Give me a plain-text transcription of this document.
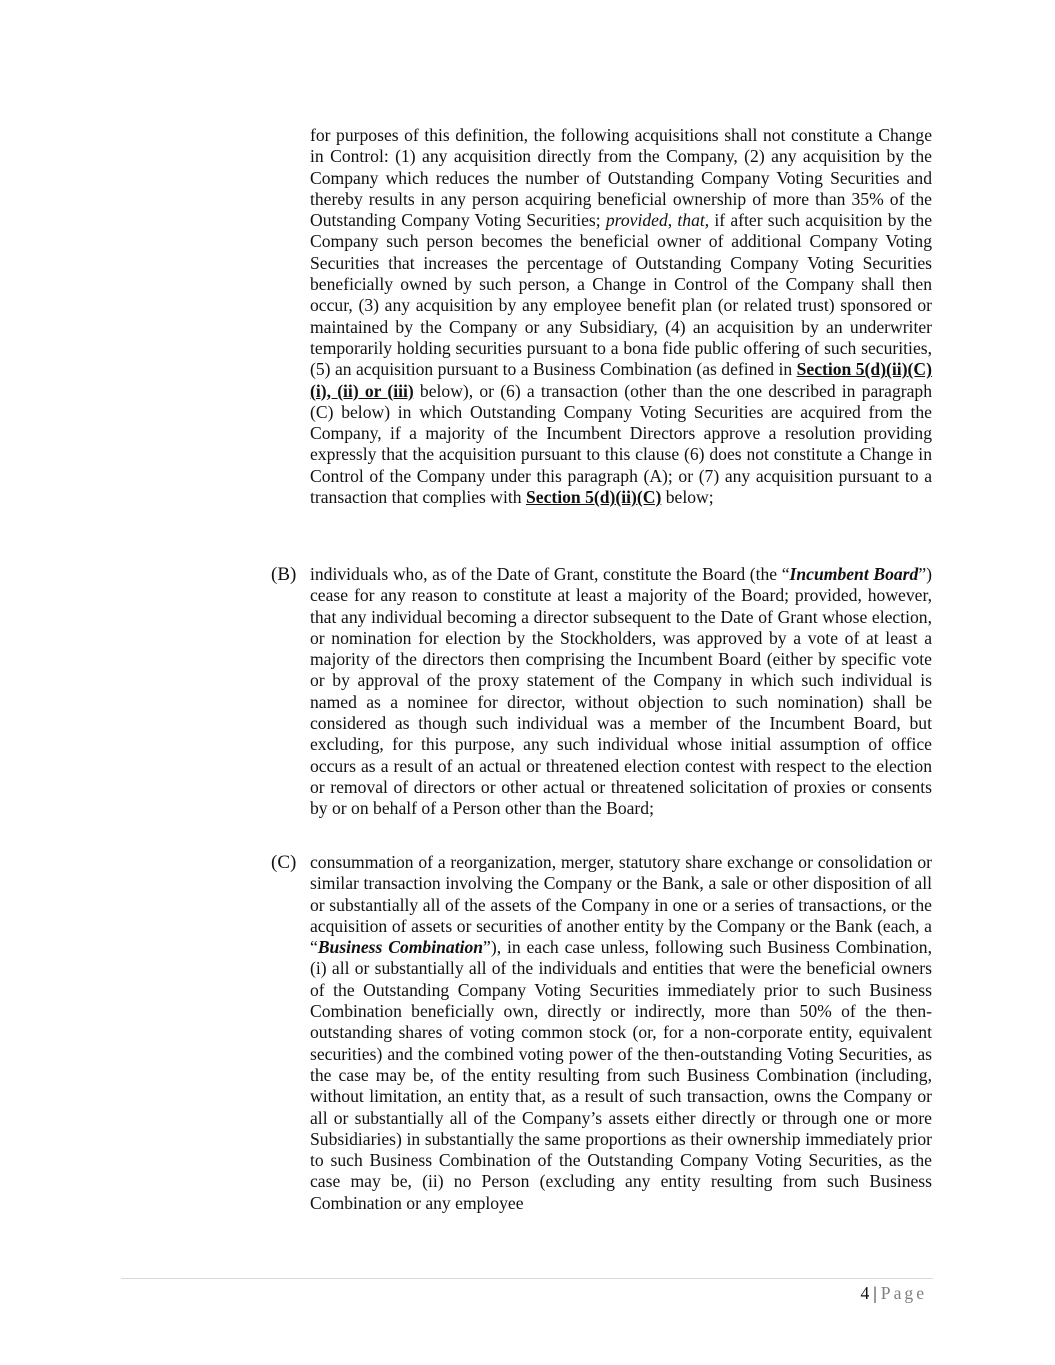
for purposes of this definition, the following acquisitions shall not constitute a Change in Control: (1) any acquisition directly from the Company, (2) any acquisition by the Company which reduces the number of Outstanding Company Voting Securities and thereby results in any person acquiring beneficial ownership of more than 35% of the Outstanding Company Voting Securities; provided, that, if after such acquisition by the Company such person becomes the beneficial owner of additional Company Voting Securities that increases the percentage of Outstanding Company Voting Securities beneficially owned by such person, a Change in Control of the Company shall then occur, (3) any acquisition by any employee benefit plan (or related trust) sponsored or maintained by the Company or any Subsidiary, (4) an acquisition by an underwriter temporarily holding securities pursuant to a bona fide public offering of such securities, (5) an acquisition pursuant to a Business Combination (as defined in Section 5(d)(ii)(C)(i), (ii) or (iii) below), or (6) a transaction (other than the one described in paragraph (C) below) in which Outstanding Company Voting Securities are acquired from the Company, if a majority of the Incumbent Directors approve a resolution providing expressly that the acquisition pursuant to this clause (6) does not constitute a Change in Control of the Company under this paragraph (A); or (7) any acquisition pursuant to a transaction that complies with Section 5(d)(ii)(C) below;
(B) individuals who, as of the Date of Grant, constitute the Board (the “Incumbent Board”) cease for any reason to constitute at least a majority of the Board; provided, however, that any individual becoming a director subsequent to the Date of Grant whose election, or nomination for election by the Stockholders, was approved by a vote of at least a majority of the directors then comprising the Incumbent Board (either by specific vote or by approval of the proxy statement of the Company in which such individual is named as a nominee for director, without objection to such nomination) shall be considered as though such individual was a member of the Incumbent Board, but excluding, for this purpose, any such individual whose initial assumption of office occurs as a result of an actual or threatened election contest with respect to the election or removal of directors or other actual or threatened solicitation of proxies or consents by or on behalf of a Person other than the Board;
(C) consummation of a reorganization, merger, statutory share exchange or consolidation or similar transaction involving the Company or the Bank, a sale or other disposition of all or substantially all of the assets of the Company in one or a series of transactions, or the acquisition of assets or securities of another entity by the Company or the Bank (each, a “Business Combination”), in each case unless, following such Business Combination, (i) all or substantially all of the individuals and entities that were the beneficial owners of the Outstanding Company Voting Securities immediately prior to such Business Combination beneficially own, directly or indirectly, more than 50% of the then-outstanding shares of voting common stock (or, for a non-corporate entity, equivalent securities) and the combined voting power of the then-outstanding Voting Securities, as the case may be, of the entity resulting from such Business Combination (including, without limitation, an entity that, as a result of such transaction, owns the Company or all or substantially all of the Company’s assets either directly or through one or more Subsidiaries) in substantially the same proportions as their ownership immediately prior to such Business Combination of the Outstanding Company Voting Securities, as the case may be, (ii) no Person (excluding any entity resulting from such Business Combination or any employee
4 | Page
